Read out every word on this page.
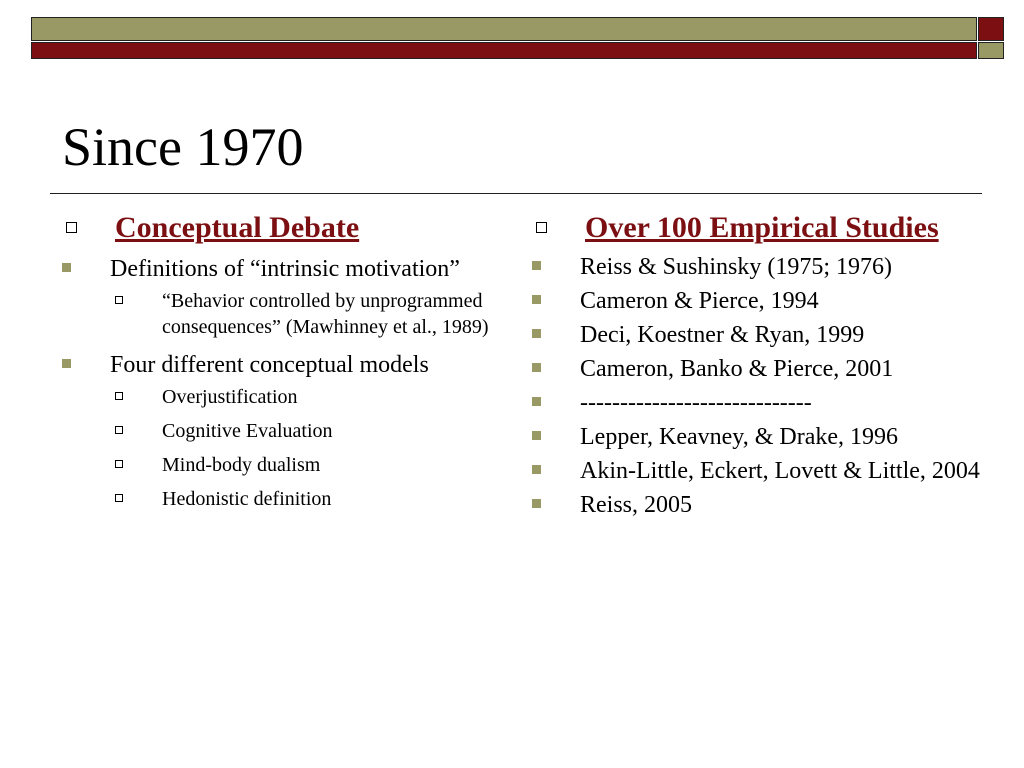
Since 1970
Conceptual Debate
Definitions of “intrinsic motivation”
“Behavior controlled by unprogrammed consequences” (Mawhinney et al., 1989)
Four different conceptual models
Overjustification
Cognitive Evaluation
Mind-body dualism
Hedonistic definition
Over 100 Empirical Studies
Reiss & Sushinsky (1975; 1976)
Cameron & Pierce, 1994
Deci, Koestner & Ryan, 1999
Cameron, Banko & Pierce, 2001
-----------------------------
Lepper, Keavney, & Drake, 1996
Akin-Little, Eckert, Lovett & Little, 2004
Reiss, 2005
